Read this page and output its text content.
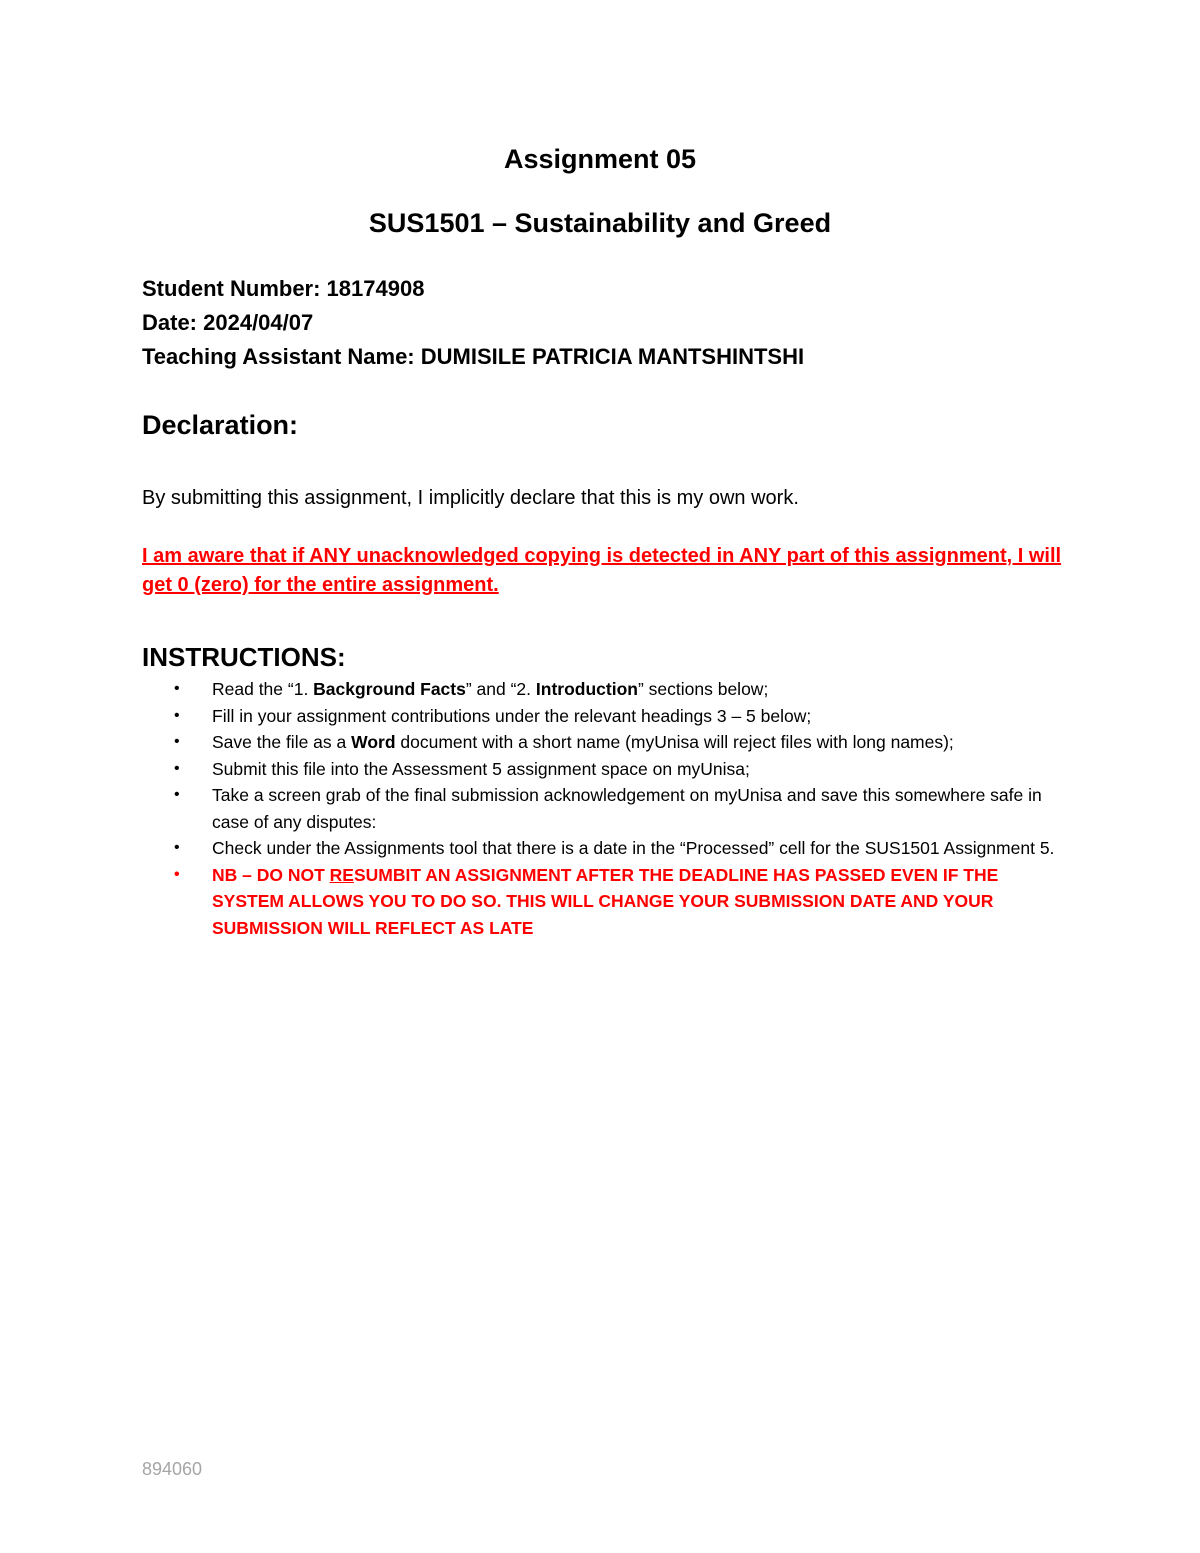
Assignment 05
SUS1501 – Sustainability and Greed
Student Number: 18174908
Date: 2024/04/07
Teaching Assistant Name: DUMISILE PATRICIA MANTSHINTSHI
Declaration:

By submitting this assignment, I implicitly declare that this is my own work.

I am aware that if ANY unacknowledged copying is detected in ANY part of this assignment, I will get 0 (zero) for the entire assignment.

INSTRUCTIONS:
• Read the “1. Background Facts” and “2. Introduction” sections below;
• Fill in your assignment contributions under the relevant headings 3 – 5 below;
• Save the file as a Word document with a short name (myUnisa will reject files with long names);
• Submit this file into the Assessment 5 assignment space on myUnisa;
• Take a screen grab of the final submission acknowledgement on myUnisa and save this somewhere safe in case of any disputes:
• Check under the Assignments tool that there is a date in the “Processed” cell for the SUS1501 Assignment 5.
• NB – DO NOT RESUMBIT AN ASSIGNMENT AFTER THE DEADLINE HAS PASSED EVEN IF THE SYSTEM ALLOWS YOU TO DO SO. THIS WILL CHANGE YOUR SUBMISSION DATE AND YOUR SUBMISSION WILL REFLECT AS LATE

894060
